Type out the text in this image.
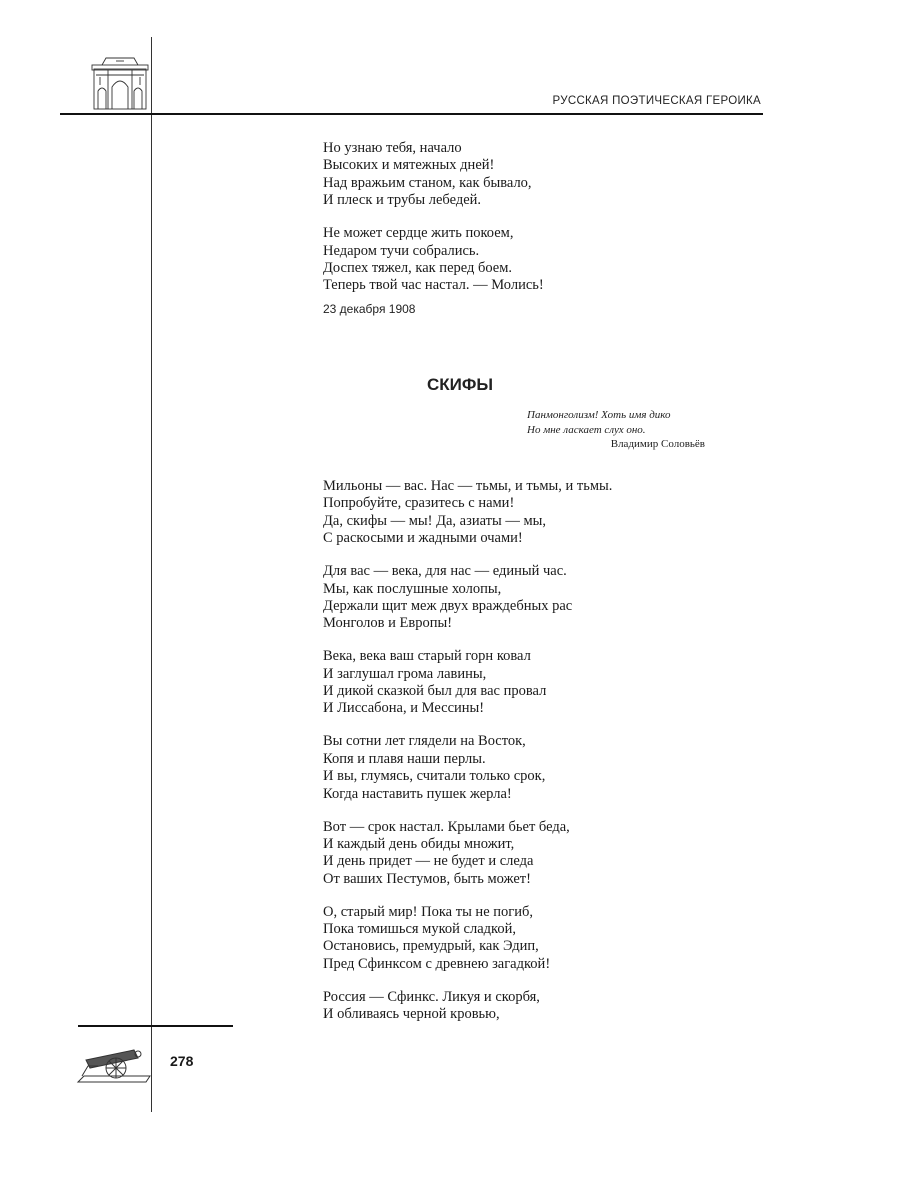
РУССКАЯ ПОЭТИЧЕСКАЯ ГЕРОИКА
278
Но узнаю тебя, начало
Высоких и мятежных дней!
Над вражьим станом, как бывало,
И плеск и трубы лебедей.
Не может сердце жить покоем,
Недаром тучи собрались.
Доспех тяжел, как перед боем.
Теперь твой час настал. — Молись!
23 декабря 1908
СКИФЫ
Панмонголизм! Хоть имя дико
Но мне ласкает слух оно.
Владимир Соловьёв
Мильоны — вас. Нас — тьмы, и тьмы, и тьмы.
Попробуйте, сразитесь с нами!
Да, скифы — мы! Да, азиаты — мы,
С раскосыми и жадными очами!
Для вас — века, для нас — единый час.
Мы, как послушные холопы,
Держали щит меж двух враждебных рас
Монголов и Европы!
Века, века ваш старый горн ковал
И заглушал грома лавины,
И дикой сказкой был для вас провал
И Лиссабона, и Мессины!
Вы сотни лет глядели на Восток,
Копя и плавя наши перлы.
И вы, глумясь, считали только срок,
Когда наставить пушек жерла!
Вот — срок настал. Крылами бьет беда,
И каждый день обиды множит,
И день придет — не будет и следа
От ваших Пестумов, быть может!
О, старый мир! Пока ты не погиб,
Пока томишься мукой сладкой,
Остановись, премудрый, как Эдип,
Пред Сфинксом с древнею загадкой!
Россия — Сфинкс. Ликуя и скорбя,
И обливаясь черной кровью,
